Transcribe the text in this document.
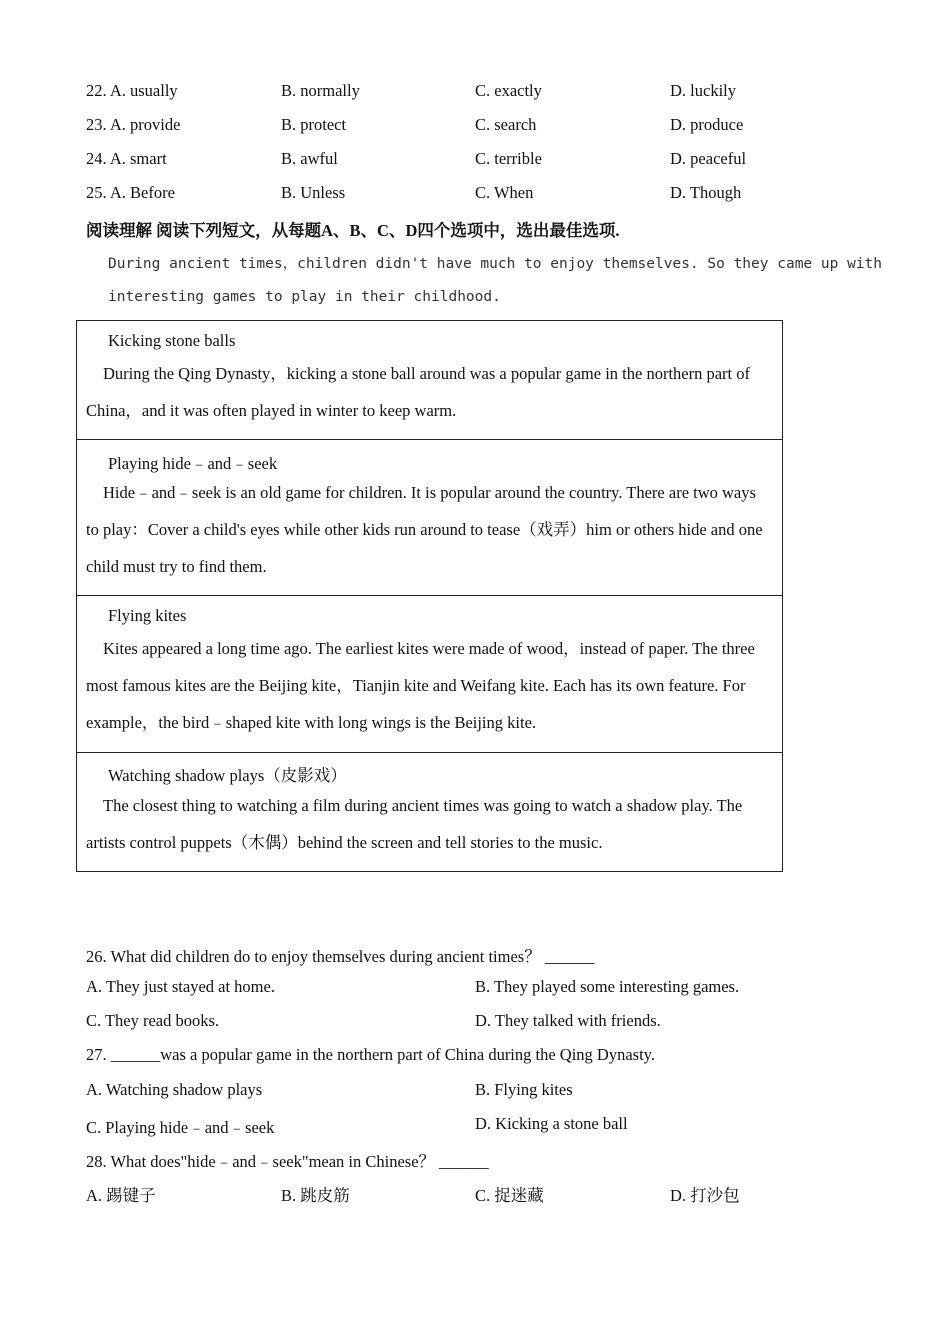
22. A. usually	B. normally	C. exactly	D. luckily
23. A. provide	B. protect	C. search	D. produce
24. A. smart	B. awful	C. terrible	D. peaceful
25. A. Before	B. Unless	C. When	D. Though
阅读理解 阅读下列短文，从每题A、B、C、D四个选项中，选出最佳选项.
During ancient times，children didn't have much to enjoy themselves. So they came up with
interesting games to play in their childhood.
Kicking stone balls
During the Qing Dynasty，kicking a stone ball around was a popular game in the northern part of China，and it was often played in winter to keep warm.
Playing hide﹣and﹣seek
Hide﹣and﹣seek is an old game for children. It is popular around the country. There are two ways to play：Cover a child's eyes while other kids run around to tease（戏弄）him or others hide and one child must try to find them.
Flying kites
Kites appeared a long time ago. The earliest kites were made of wood，instead of paper. The three most famous kites are the Beijing kite，Tianjin kite and Weifang kite. Each has its own feature. For example，the bird﹣shaped kite with long wings is the Beijing kite.
Watching shadow plays（皮影戏）
The closest thing to watching a film during ancient times was going to watch a shadow play. The artists control puppets（木偶）behind the screen and tell stories to the music.
26. What did children do to enjoy themselves during ancient times？ ______
A. They just stayed at home.	B. They played some interesting games.
C. They read books.	D. They talked with friends.
27. ______was a popular game in the northern part of China during the Qing Dynasty.
A. Watching shadow plays	B. Flying kites
C. Playing hide﹣and﹣seek	D. Kicking a stone ball
28. What does"hide﹣and﹣seek"mean in Chinese？ ______
A. 踢键子	B. 跳皮筋	C. 捉迷藏	D. 打沙包
